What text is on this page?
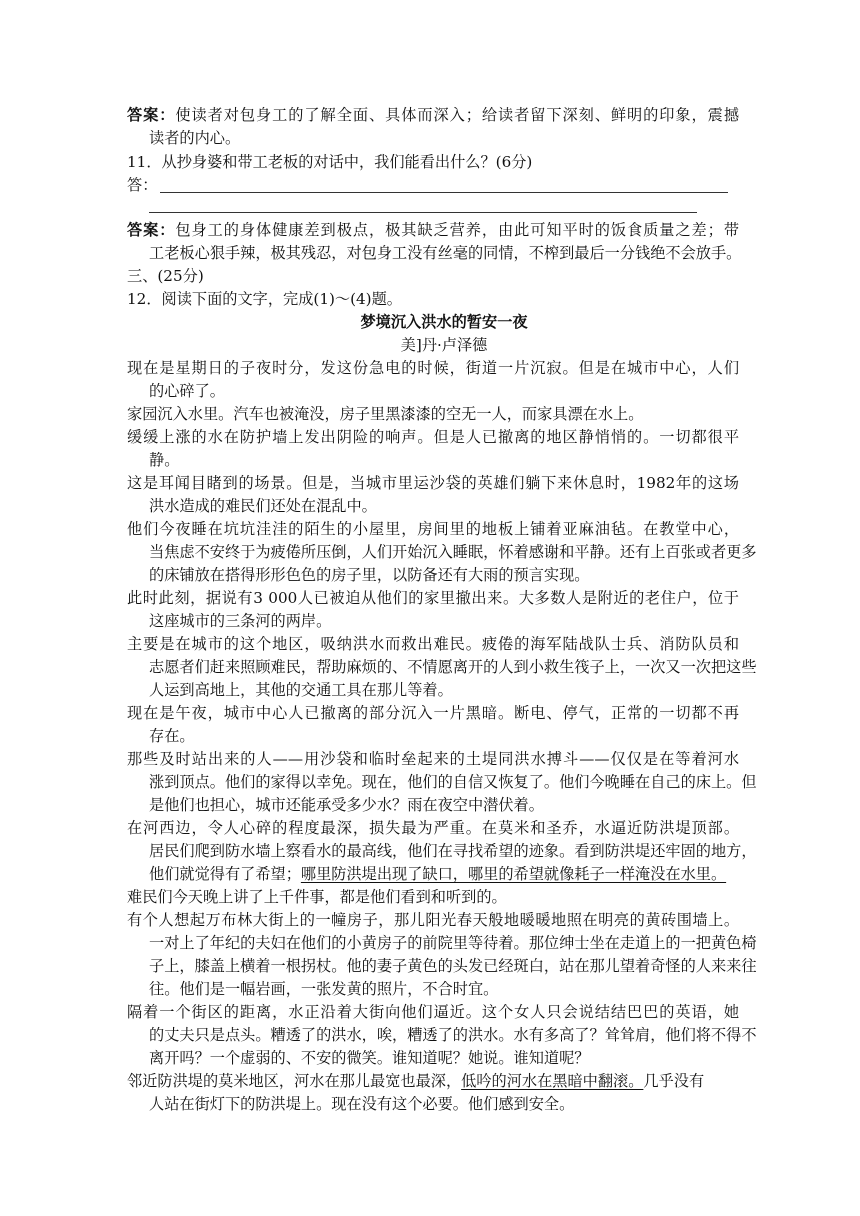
答案：使读者对包身工的了解全面、具体而深入；给读者留下深刻、鲜明的印象，震撼
读者的内心。
11．从抄身婆和带工老板的对话中，我们能看出什么？(6分)
答：
答案：包身工的身体健康差到极点，极其缺乏营养，由此可知平时的饭食质量之差；带
工老板心狠手辣，极其残忍，对包身工没有丝毫的同情，不榨到最后一分钱绝不会放手。
三、(25分)
12．阅读下面的文字，完成(1)～(4)题。
梦境沉入洪水的暂安一夜
美]丹·卢泽德
现在是星期日的子夜时分，发这份急电的时候，街道一片沉寂。但是在城市中心，人们
的心碎了。
家园沉入水里。汽车也被淹没，房子里黑漆漆的空无一人，而家具漂在水上。
缓缓上涨的水在防护墙上发出阴险的响声。但是人已撤离的地区静悄悄的。一切都很平
静。
这是耳闻目睹到的场景。但是，当城市里运沙袋的英雄们躺下来休息时，1982年的这场
洪水造成的难民们还处在混乱中。
他们今夜睡在坑坑洼洼的陌生的小屋里，房间里的地板上铺着亚麻油毡。在教堂中心，
当焦虑不安终于为疲倦所压倒，人们开始沉入睡眠，怀着感谢和平静。还有上百张或者更多
的床铺放在搭得形形色色的房子里，以防备还有大雨的预言实现。
此时此刻，据说有3 000人已被迫从他们的家里撤出来。大多数人是附近的老住户，位于
这座城市的三条河的两岸。
主要是在城市的这个地区，吸纳洪水而救出难民。疲倦的海军陆战队士兵、消防队员和
志愿者们赶来照顾难民，帮助麻烦的、不情愿离开的人到小救生筏子上，一次又一次把这些
人运到高地上，其他的交通工具在那儿等着。
现在是午夜，城市中心人已撤离的部分沉入一片黑暗。断电、停气，正常的一切都不再
存在。
那些及时站出来的人——用沙袋和临时垒起来的土堤同洪水搏斗——仅仅是在等着河水
涨到顶点。他们的家得以幸免。现在，他们的自信又恢复了。他们今晚睡在自己的床上。但
是他们也担心，城市还能承受多少水？雨在夜空中潜伏着。
在河西边，令人心碎的程度最深，损失最为严重。在莫米和圣乔，水逼近防洪堤顶部。
居民们爬到防水墙上察看水的最高线，他们在寻找希望的迹象。看到防洪堤还牢固的地方，
他们就觉得有了希望；哪里防洪堤出现了缺口，哪里的希望就像耗子一样淹没在水里。
难民们今天晚上讲了上千件事，都是他们看到和听到的。
有个人想起万布林大街上的一幢房子，那儿阳光春天般地暖暖地照在明亮的黄砖围墙上。
一对上了年纪的夫妇在他们的小黄房子的前院里等待着。那位绅士坐在走道上的一把黄色椅
子上，膝盖上横着一根拐杖。他的妻子黄色的头发已经斑白，站在那儿望着奇怪的人来来往
往。他们是一幅岩画，一张发黄的照片，不合时宜。
隔着一个街区的距离，水正沿着大街向他们逼近。这个女人只会说结结巴巴的英语，她
的丈夫只是点头。糟透了的洪水，唉，糟透了的洪水。水有多高了？耸耸肩，他们将不得不
离开吗？一个虚弱的、不安的微笑。谁知道呢？她说。谁知道呢？
邻近防洪堤的莫米地区，河水在那儿最宽也最深，低吟的河水在黑暗中翻滚。几乎没有
人站在街灯下的防洪堤上。现在没有这个必要。他们感到安全。
